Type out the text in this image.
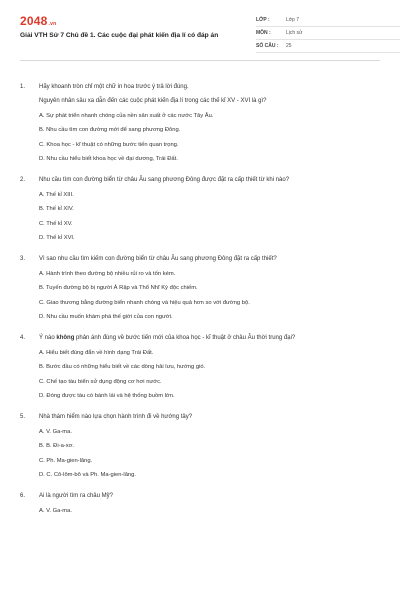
2048.vn
Giải VTH Sử 7 Chủ đề 1. Các cuộc đại phát kiến địa lí có đáp án
LỚP :	Lớp 7
MÔN :	Lịch sử
SỐ CÂU :	25
1.	Hãy khoanh tròn chỉ một chữ in hoa trước ý trả lời đúng.
Nguyên nhân sâu xa dẫn đến các cuộc phát kiến địa lí trong các thế kỉ XV - XVI là gì?
A. Sự phát triển nhanh chóng của nền sản xuất ở các nước Tây Âu.
B. Nhu cầu tìm con đường mới để sang phương Đông.
C. Khoa học - kĩ thuật có những bước tiến quan trọng.
D. Nhu cầu hiểu biết khoa học về đại dương, Trái Đất.
2.	Nhu cầu tìm con đường biển từ châu Âu sang phương Đông được đặt ra cấp thiết từ khi nào?
A. Thế kỉ XIII.
B. Thế kỉ XIV.
C. Thế kỉ XV.
D. Thế kỉ XVI.
3.	Vì sao nhu cầu tìm kiếm con đường biển từ châu Âu sang phương Đông đặt ra cấp thiết?
A. Hành trình theo đường bộ nhiều rủi ro và tốn kém.
B. Tuyến đường bộ bị người Ả Rập và Thổ Nhĩ Kỳ độc chiếm.
C. Giao thương bằng đường biển nhanh chóng và hiệu quả hơn so với đường bộ.
D. Nhu cầu muốn khám phá thế giới của con người.
4.	Ý nào không phản ánh đúng về bước tiến mới của khoa học - kĩ thuật ở châu Âu thời trung đại?
A. Hiểu biết đúng đắn về hình dạng Trái Đất.
B. Bước đầu có những hiểu biết về các dòng hải lưu, hướng gió.
C. Chế tạo tàu biển sử dụng động cơ hơi nước.
D. Đóng được tàu có bánh lái và hệ thống buồm lớn.
5.	Nhà thám hiểm nào lựa chọn hành trình đi về hướng tây?
A. V. Ga-ma.
B. B. Đi-a-xơ.
C. Ph. Ma-gien-lăng.
D. C. Cô-lôm-bô và Ph. Ma-gien-lăng.
6.	Ai là người tìm ra châu Mỹ?
A. V. Ga-ma.
